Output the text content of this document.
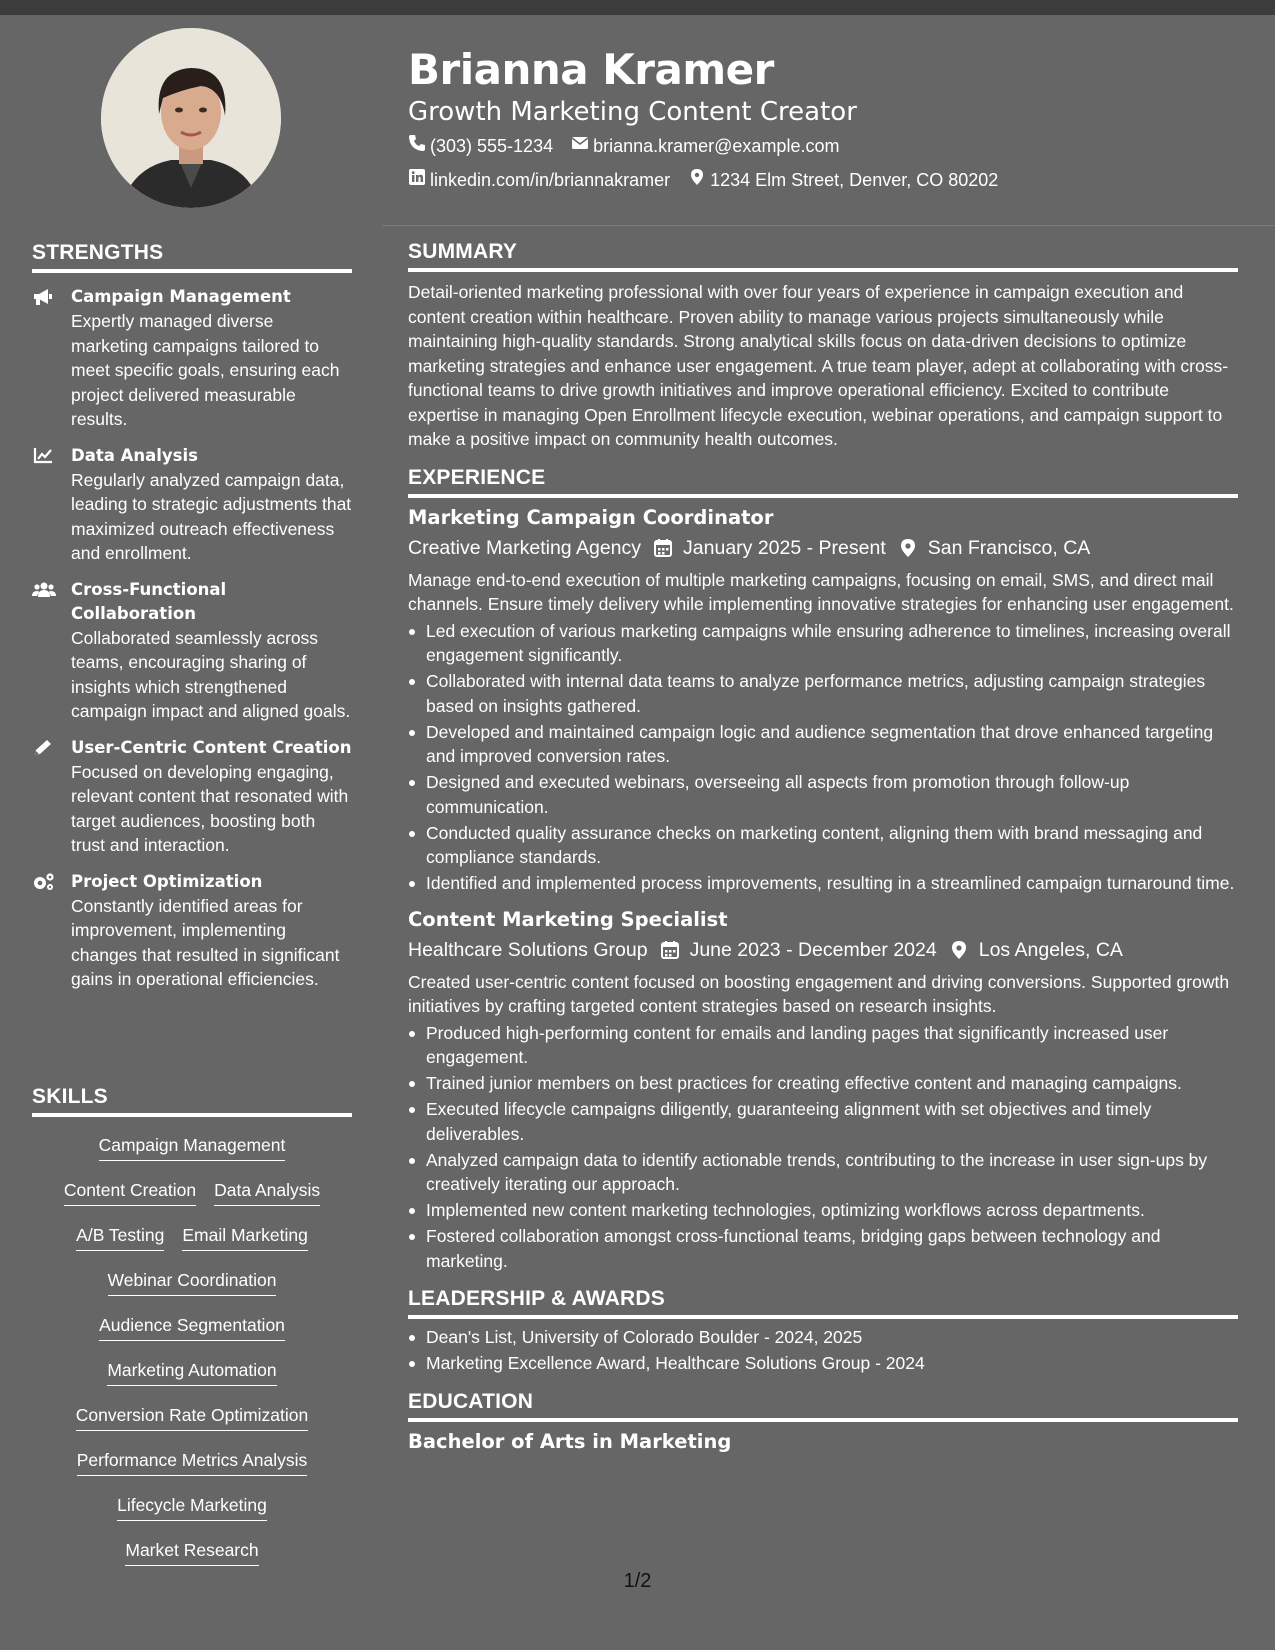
STRENGTHS
Campaign Management
Expertly managed diverse marketing campaigns tailored to meet specific goals, ensuring each project delivered measurable results.
Data Analysis
Regularly analyzed campaign data, leading to strategic adjustments that maximized outreach effectiveness and enrollment.
Cross-Functional Collaboration
Collaborated seamlessly across teams, encouraging sharing of insights which strengthened campaign impact and aligned goals.
User-Centric Content Creation
Focused on developing engaging, relevant content that resonated with target audiences, boosting both trust and interaction.
Project Optimization
Constantly identified areas for improvement, implementing changes that resulted in significant gains in operational efficiencies.
SKILLS
Campaign Management
Content Creation Data Analysis
A/B Testing Email Marketing
Webinar Coordination
Audience Segmentation
Marketing Automation
Conversion Rate Optimization
Performance Metrics Analysis
Lifecycle Marketing
Market Research
Brianna Kramer
Growth Marketing Content Creator
(303) 555-1234 brianna.kramer@example.com
linkedin.com/in/briannakramer 1234 Elm Street, Denver, CO 80202
SUMMARY
Detail-oriented marketing professional with over four years of experience in campaign execution and content creation within healthcare. Proven ability to manage various projects simultaneously while maintaining high-quality standards. Strong analytical skills focus on data-driven decisions to optimize marketing strategies and enhance user engagement. A true team player, adept at collaborating with cross-functional teams to drive growth initiatives and improve operational efficiency. Excited to contribute expertise in managing Open Enrollment lifecycle execution, webinar operations, and campaign support to make a positive impact on community health outcomes.
EXPERIENCE
Marketing Campaign Coordinator
Creative Marketing Agency January 2025 - Present San Francisco, CA
Manage end-to-end execution of multiple marketing campaigns, focusing on email, SMS, and direct mail channels. Ensure timely delivery while implementing innovative strategies for enhancing user engagement.
Led execution of various marketing campaigns while ensuring adherence to timelines, increasing overall engagement significantly.
Collaborated with internal data teams to analyze performance metrics, adjusting campaign strategies based on insights gathered.
Developed and maintained campaign logic and audience segmentation that drove enhanced targeting and improved conversion rates.
Designed and executed webinars, overseeing all aspects from promotion through follow-up communication.
Conducted quality assurance checks on marketing content, aligning them with brand messaging and compliance standards.
Identified and implemented process improvements, resulting in a streamlined campaign turnaround time.
Content Marketing Specialist
Healthcare Solutions Group June 2023 - December 2024 Los Angeles, CA
Created user-centric content focused on boosting engagement and driving conversions. Supported growth initiatives by crafting targeted content strategies based on research insights.
Produced high-performing content for emails and landing pages that significantly increased user engagement.
Trained junior members on best practices for creating effective content and managing campaigns.
Executed lifecycle campaigns diligently, guaranteeing alignment with set objectives and timely deliverables.
Analyzed campaign data to identify actionable trends, contributing to the increase in user sign-ups by creatively iterating our approach.
Implemented new content marketing technologies, optimizing workflows across departments.
Fostered collaboration amongst cross-functional teams, bridging gaps between technology and marketing.
LEADERSHIP & AWARDS
Dean's List, University of Colorado Boulder - 2024, 2025
Marketing Excellence Award, Healthcare Solutions Group - 2024
EDUCATION
Bachelor of Arts in Marketing
1/2
